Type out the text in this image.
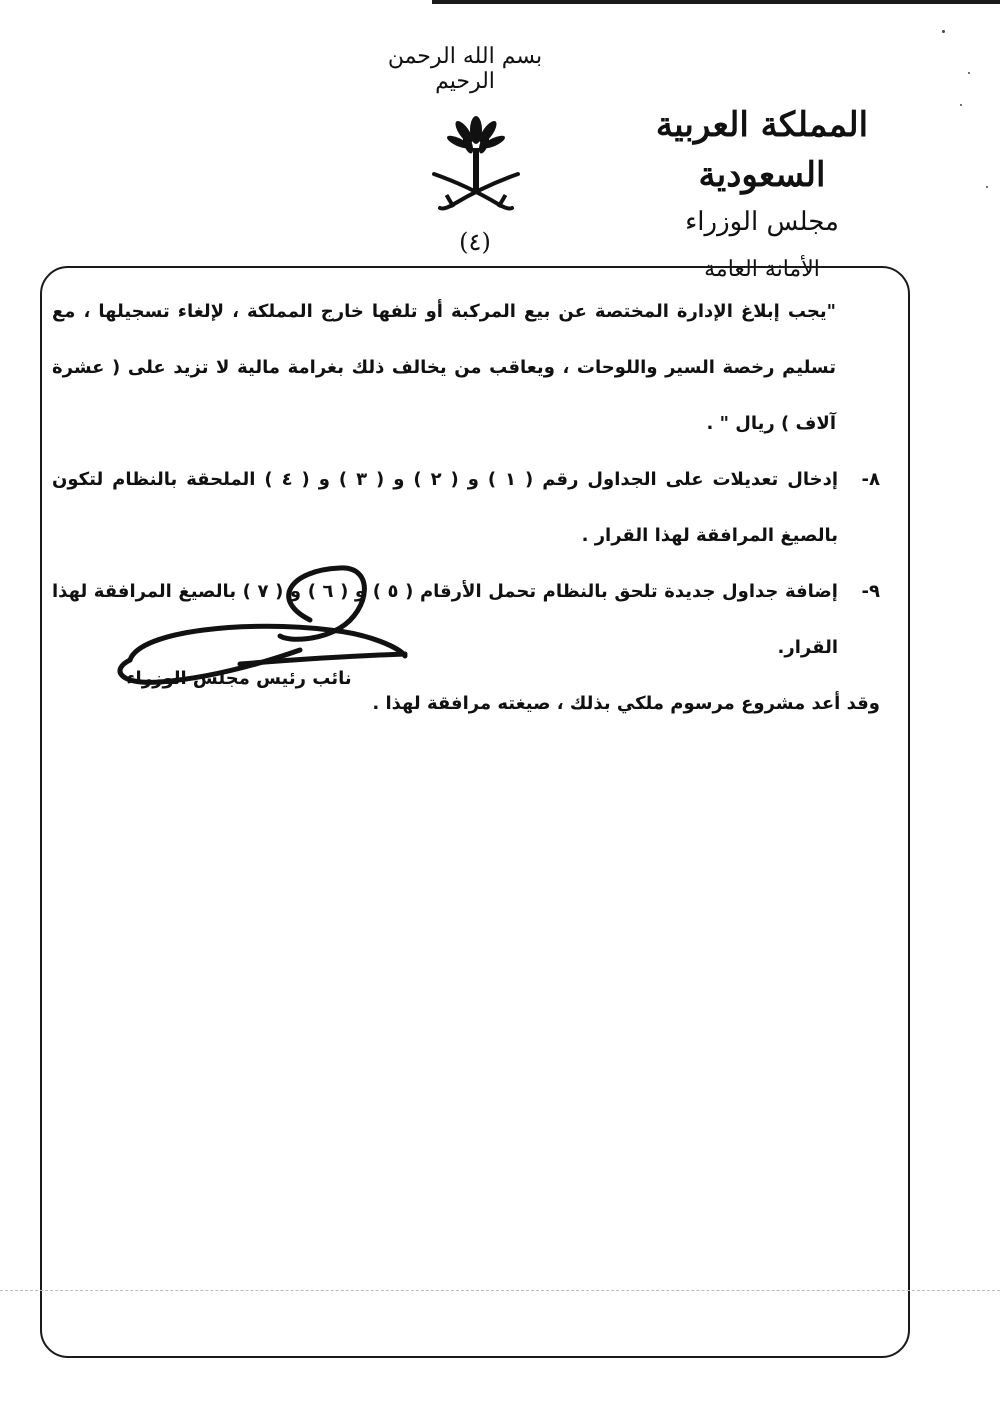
بسم الله الرحمن الرحيم
المملكة العربية السعودية
مجلس الوزراء
الأمانة العامة
(٤)

"يجب إبلاغ الإدارة المختصة عن بيع المركبة أو تلفها خارج المملكة ، لإلغاء تسجيلها ، مع تسليم رخصة السير واللوحات ، ويعاقب من يخالف ذلك بغرامة مالية لا تزيد على ( عشرة آلاف ) ريال " .

٨-
إدخال تعديلات على الجداول رقم ( ١ ) و ( ٢ ) و ( ٣ ) و ( ٤ ) الملحقة بالنظام لتكون بالصيغ المرافقة لهذا القرار .
٩-
إضافة جداول جديدة تلحق بالنظام تحمل الأرقام ( ٥ ) و ( ٦ ) و ( ٧ ) بالصيغ المرافقة لهذا القرار.

وقد أعد مشروع مرسوم ملكي بذلك ، صيغته مرافقة لهذا .

نائب رئيس مجلس الوزراء
